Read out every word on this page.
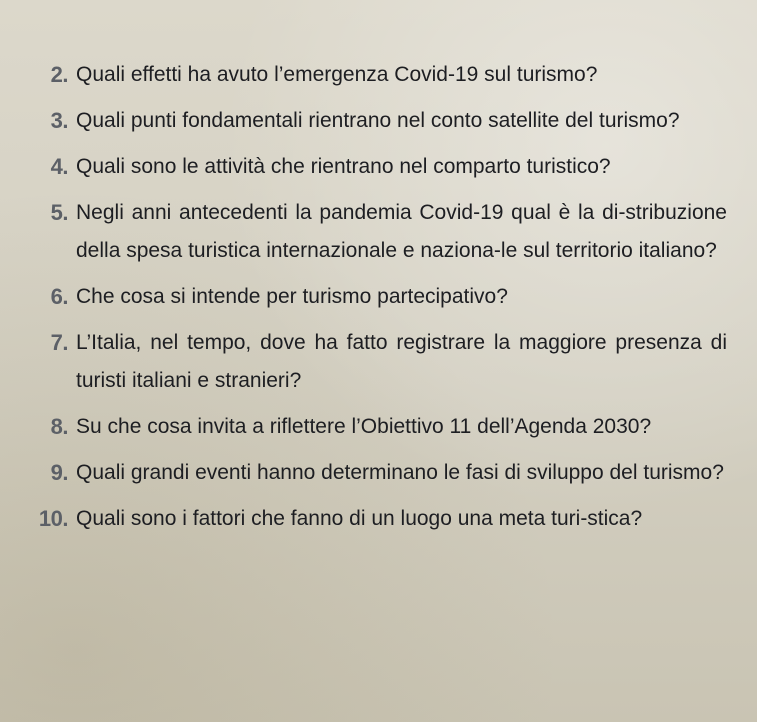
2. Quali effetti ha avuto l’emergenza Covid-19 sul turismo?
3. Quali punti fondamentali rientrano nel conto satellite del turismo?
4. Quali sono le attività che rientrano nel comparto turistico?
5. Negli anni antecedenti la pandemia Covid-19 qual è la di-stribuzione della spesa turistica internazionale e naziona-le sul territorio italiano?
6. Che cosa si intende per turismo partecipativo?
7. L’Italia, nel tempo, dove ha fatto registrare la maggiore presenza di turisti italiani e stranieri?
8. Su che cosa invita a riflettere l’Obiettivo 11 dell’Agenda 2030?
9. Quali grandi eventi hanno determinano le fasi di sviluppo del turismo?
10. Quali sono i fattori che fanno di un luogo una meta turi-stica?
